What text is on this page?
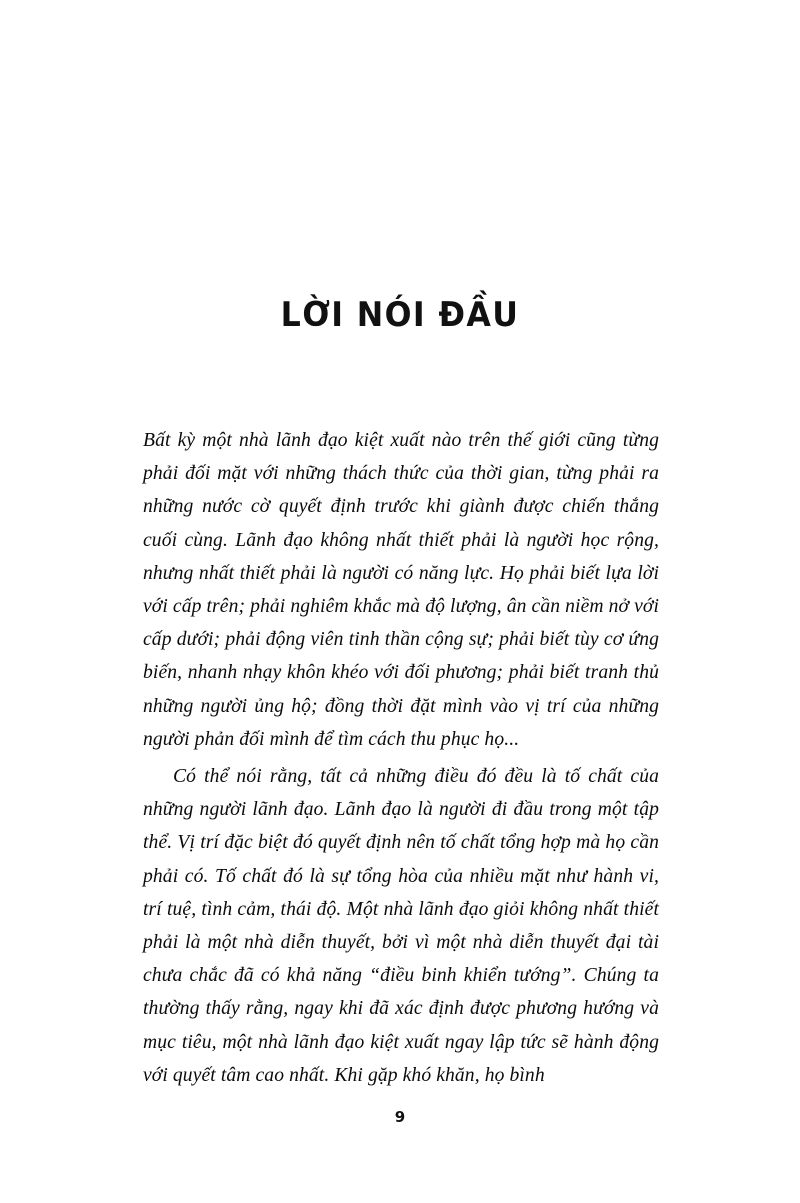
LỜI NÓI ĐẦU

Bất kỳ một nhà lãnh đạo kiệt xuất nào trên thế giới cũng từng phải đối mặt với những thách thức của thời gian, từng phải ra những nước cờ quyết định trước khi giành được chiến thắng cuối cùng. Lãnh đạo không nhất thiết phải là người học rộng, nhưng nhất thiết phải là người có năng lực. Họ phải biết lựa lời với cấp trên; phải nghiêm khắc mà độ lượng, ân cần niềm nở với cấp dưới; phải động viên tinh thần cộng sự; phải biết tùy cơ ứng biến, nhanh nhạy khôn khéo với đối phương; phải biết tranh thủ những người ủng hộ; đồng thời đặt mình vào vị trí của những người phản đối mình để tìm cách thu phục họ...

Có thể nói rằng, tất cả những điều đó đều là tố chất của những người lãnh đạo. Lãnh đạo là người đi đầu trong một tập thể. Vị trí đặc biệt đó quyết định nên tố chất tổng hợp mà họ cần phải có. Tố chất đó là sự tổng hòa của nhiều mặt như hành vi, trí tuệ, tình cảm, thái độ. Một nhà lãnh đạo giỏi không nhất thiết phải là một nhà diễn thuyết, bởi vì một nhà diễn thuyết đại tài chưa chắc đã có khả năng “điều binh khiển tướng”. Chúng ta thường thấy rằng, ngay khi đã xác định được phương hướng và mục tiêu, một nhà lãnh đạo kiệt xuất ngay lập tức sẽ hành động với quyết tâm cao nhất. Khi gặp khó khăn, họ bình

9
